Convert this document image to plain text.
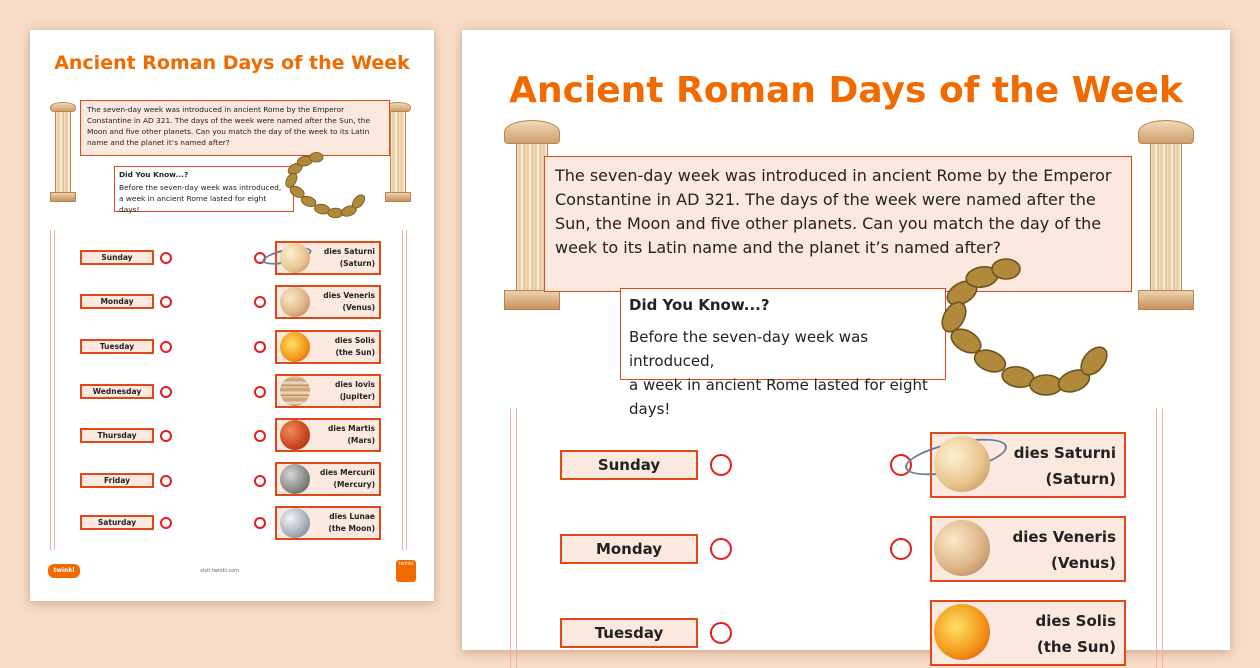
Ancient Roman Days of the Week
The seven-day week was introduced in ancient Rome by the Emperor Constantine in AD 321. The days of the week were named after the Sun, the Moon and five other planets. Can you match the day of the week to its Latin name and the planet it’s named after?
Did You Know...?
Before the seven-day week was introduced,
a week in ancient Rome lasted for eight days!
Sunday
Monday
Tuesday
Wednesday
Thursday
Friday
Saturday
dies Saturni
(Saturn)
dies Veneris
(Venus)
dies Solis
(the Sun)
dies Iovis
(Jupiter)
dies Martis
(Mars)
dies Mercurii
(Mercury)
dies Lunae
(the Moon)
twinkl	visit twinkl.com
twinkl
Ancient Roman Days of the Week
The seven-day week was introduced in ancient Rome by the Emperor Constantine in AD 321. The days of the week were named after the Sun, the Moon and five other planets. Can you match the day of the week to its Latin name and the planet it’s named after?
Did You Know...?
Before the seven-day week was introduced,
a week in ancient Rome lasted for eight days!
Sunday
Monday
Tuesday
dies Saturni
(Saturn)
dies Veneris
(Venus)
dies Solis
(the Sun)
